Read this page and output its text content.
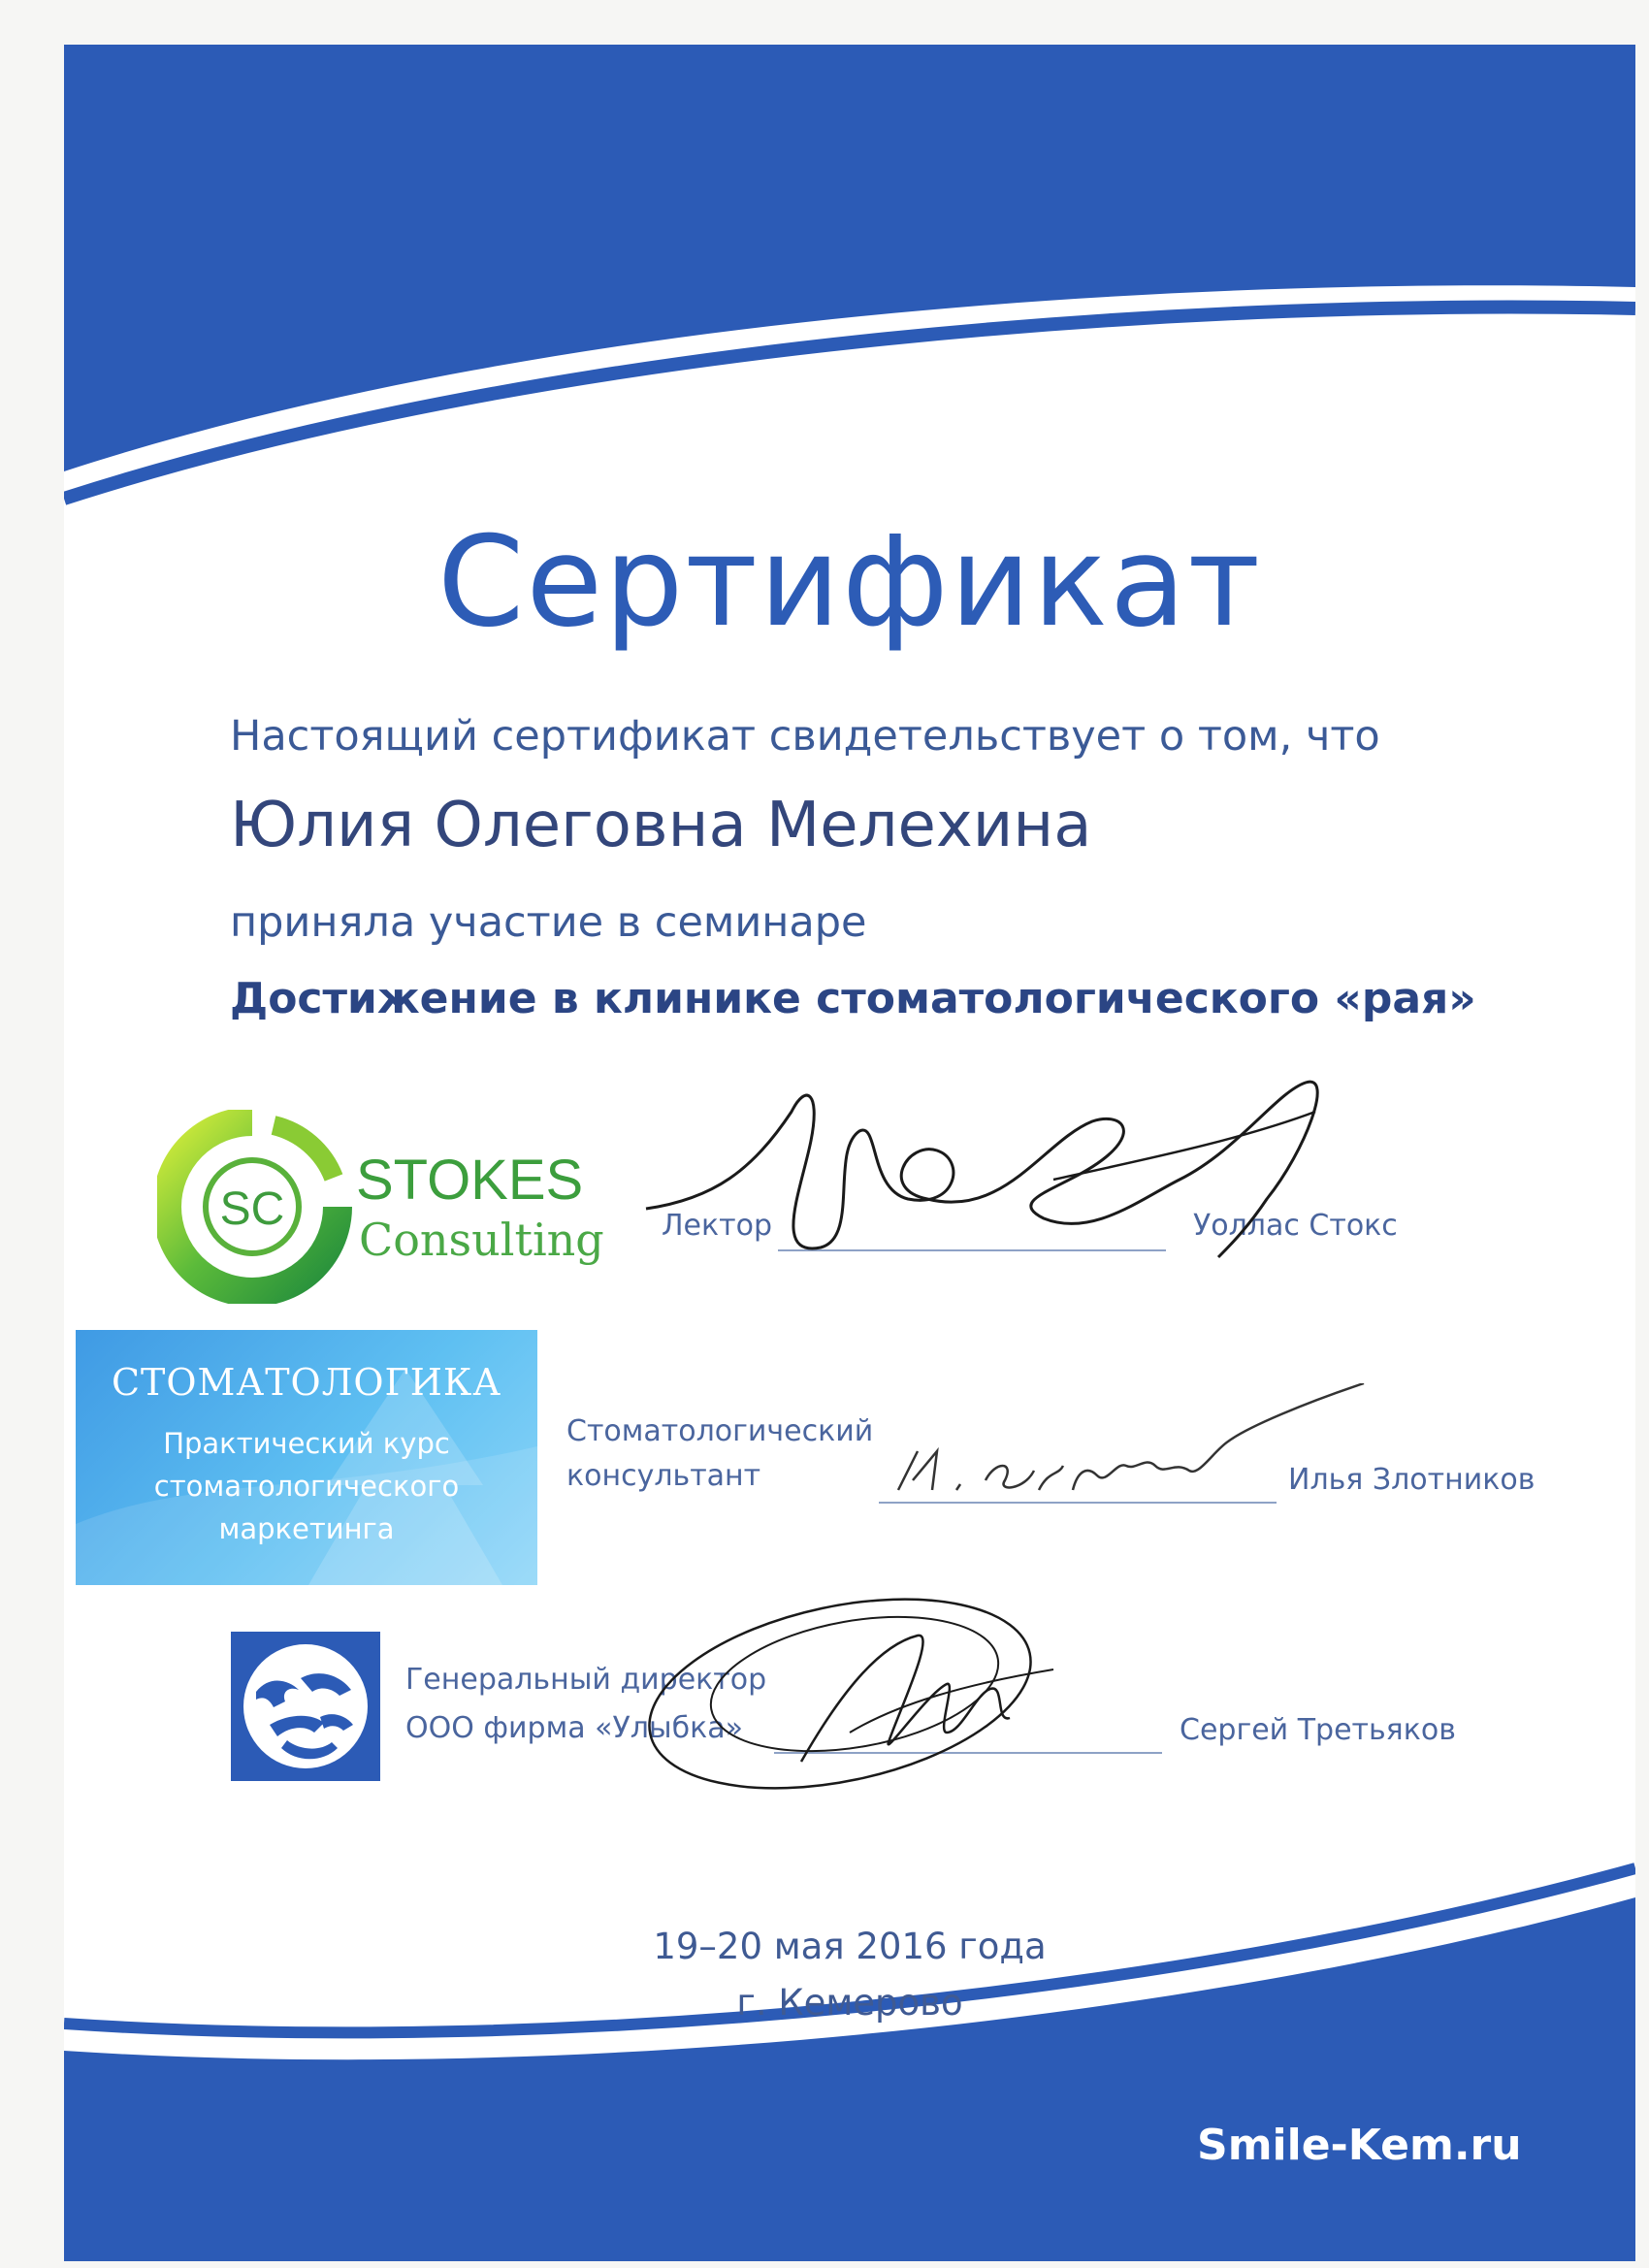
Сертификат
Настоящий сертификат свидетельствует о том, что
Юлия Олеговна Мелехина
приняла участие в семинаре
Достижение в клинике стоматологического «рая»
SC STOKES
Consulting Лектор	Уоллас Стокс
СТОМАТОЛОГИКА
Практический курс
стоматологического
маркетинга
Стоматологический
консультант	Илья Злотников
Генеральный директор
ООО фирма «Улыбка»	Сергей Третьяков
19–20 мая 2016 года
г. Кемерово
Smile-Kem.ru
